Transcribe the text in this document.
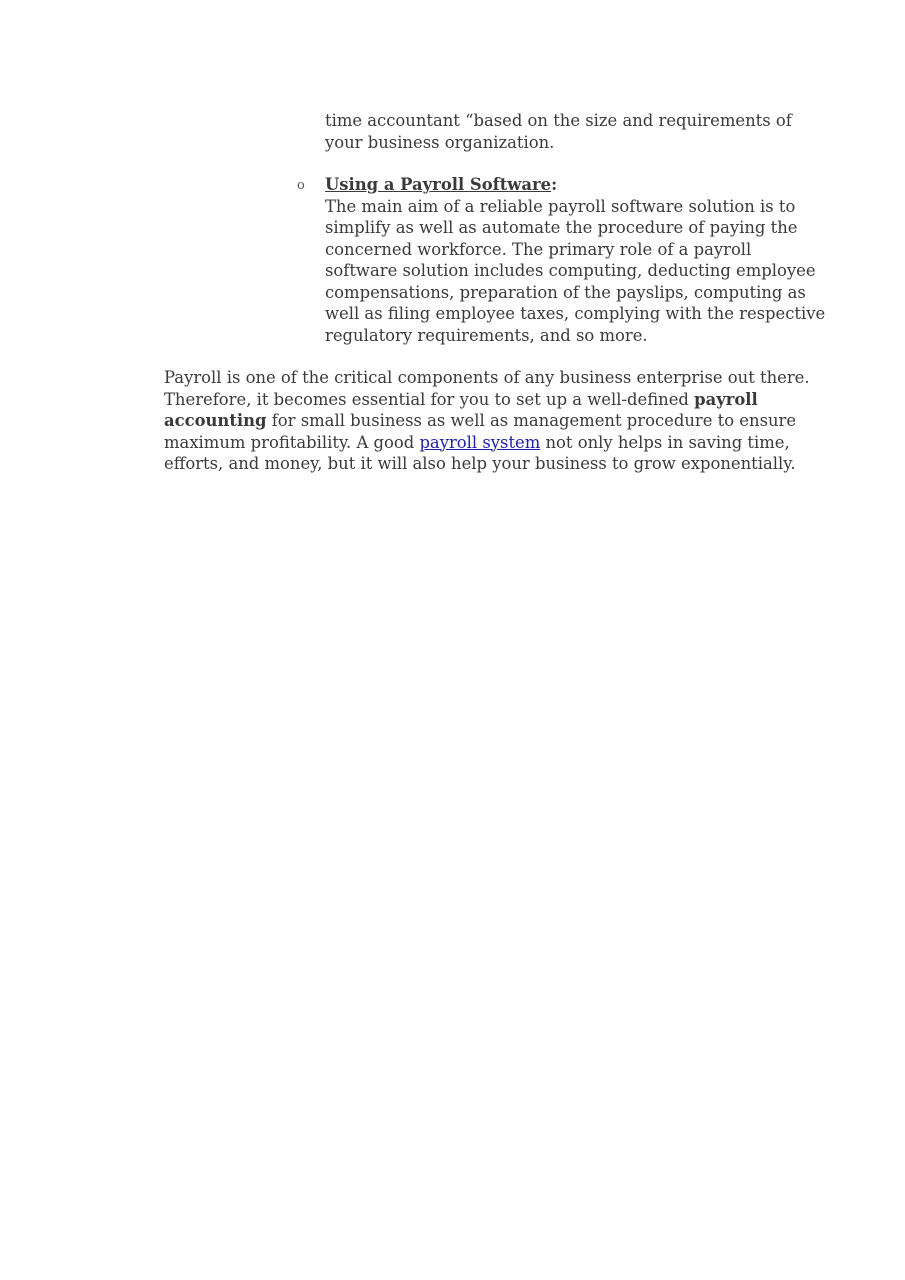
time accountant “based on the size and requirements of
your business organization.
o Using a Payroll Software:
The main aim of a reliable payroll software solution is to
simplify as well as automate the procedure of paying the
concerned workforce. The primary role of a payroll
software solution includes computing, deducting employee
compensations, preparation of the payslips, computing as
well as filing employee taxes, complying with the respective
regulatory requirements, and so more.
Payroll is one of the critical components of any business enterprise out there.
Therefore, it becomes essential for you to set up a well-defined payroll
accounting for small business as well as management procedure to ensure
maximum profitability. A good payroll system not only helps in saving time,
efforts, and money, but it will also help your business to grow exponentially.
